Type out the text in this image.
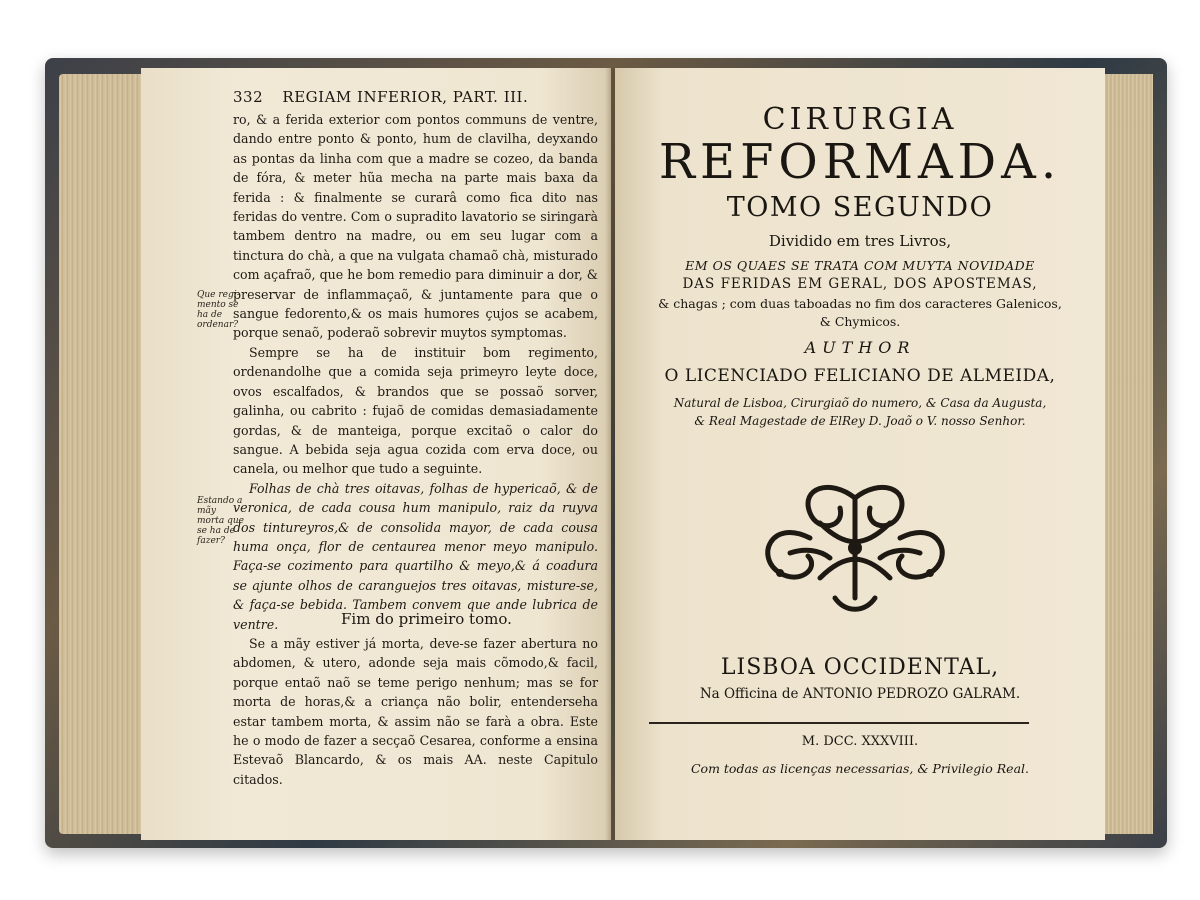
332 REGIAM INFERIOR, PART. III.
Que regi- mento se ha de ordenar?
Estando a mãy morta que se ha de fazer?

ro, & a ferida exterior com pontos communs de ventre, dando entre ponto & ponto, hum de clavilha, deyxando as pontas da linha com que a madre se cozeo, da banda de fóra, & meter hũa mecha na parte mais baxa da ferida : & finalmente se curarâ como fica dito nas feridas do ventre. Com o supradito lavatorio se siringarà tambem dentro na madre, ou em seu lugar com a tinctura do chà, a que na vulgata chamaõ chà, misturado com açafraõ, que he bom remedio para diminuir a dor, & preservar de inflammaçaõ, & juntamente para que o sangue fedorento,& os mais humores çujos se acabem, porque senaõ, poderaõ sobrevir muytos symptomas.

Sempre se ha de instituir bom regimento, ordenandolhe que a comida seja primeyro leyte doce, ovos escalfados, & brandos que se possaõ sorver, galinha, ou cabrito : fujaõ de comidas demasiadamente gordas, & de manteiga, porque excitaõ o calor do sangue. A bebida seja agua cozida com erva doce, ou canela, ou melhor que tudo a seguinte.

Folhas de chà tres oitavas, folhas de hypericaõ, & de veronica, de cada cousa hum manipulo, raiz da ruyva dos tintureyros,& de consolida mayor, de cada cousa huma onça, flor de centaurea menor meyo manipulo. Faça-se cozimento para quartilho & meyo,& á coadura se ajunte olhos de caranguejos tres oitavas, misture-se, & faça-se bebida. Tambem convem que ande lubrica de ventre.

Se a mãy estiver já morta, deve-se fazer abertura no abdomen, & utero, adonde seja mais cõmodo,& facil, porque entaõ naõ se teme perigo nenhum; mas se for morta de horas,& a criança não bolir, entenderseha estar tambem morta, & assim não se farà a obra. Este he o modo de fazer a secçaõ Cesarea, conforme a ensina Estevaõ Blancardo, & os mais AA. neste Capitulo citados.

Fim do primeiro tomo.
CIRURGIA
REFORMADA.
TOMO SEGUNDO
Dividido em tres Livros,
EM OS QUAES SE TRATA COM MUYTA NOVIDADE
DAS FERIDAS EM GERAL, DOS APOSTEMAS,
& chagas ; com duas taboadas no fim dos caracteres Galenicos,
& Chymicos.
AUTHOR
O LICENCIADO FELICIANO DE ALMEIDA,
Natural de Lisboa, Cirurgiaõ do numero, & Casa da Augusta,
& Real Magestade de ElRey D. Joaõ o V. nosso Senhor.
LISBOA OCCIDENTAL,
Na Officina de ANTONIO PEDROZO GALRAM.
M. DCC. XXXVIII.
Com todas as licenças necessarias, & Privilegio Real.
